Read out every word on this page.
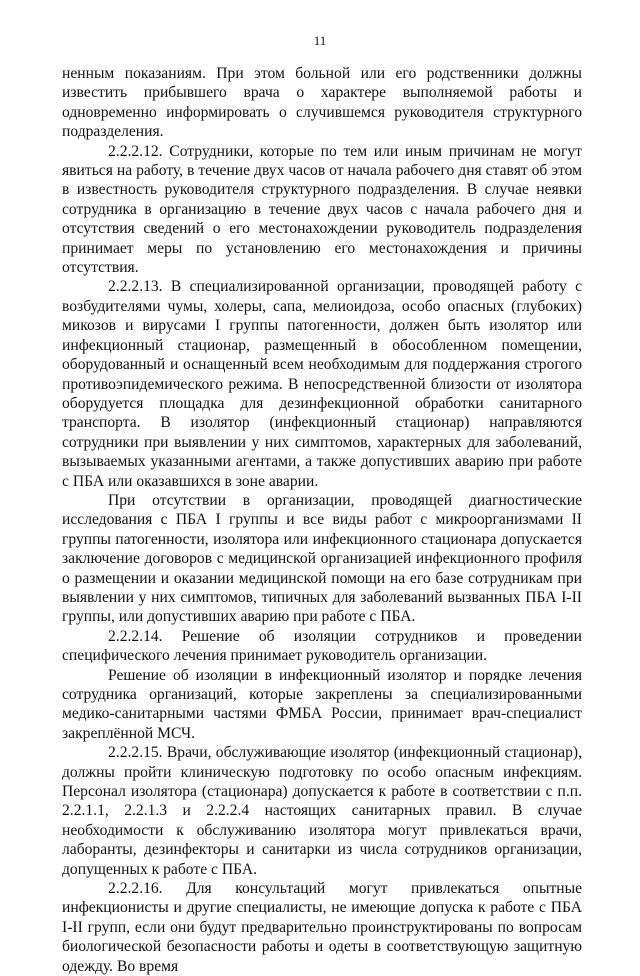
11

ненным показаниям. При этом больной или его родственники должны известить прибывшего врача о характере выполняемой работы и одновременно информировать о случившемся руководителя структурного подразделения.

2.2.2.12. Сотрудники, которые по тем или иным причинам не могут явиться на работу, в течение двух часов от начала рабочего дня ставят об этом в известность руководителя структурного подразделения. В случае неявки сотрудника в организацию в течение двух часов с начала рабочего дня и отсутствия сведений о его местонахождении руководитель подразделения принимает меры по установлению его местонахождения и причины отсутствия.

2.2.2.13. В специализированной организации, проводящей работу с возбудителями чумы, холеры, сапа, мелиоидоза, особо опасных (глубоких) микозов и вирусами I группы патогенности, должен быть изолятор или инфекционный стационар, размещенный в обособленном помещении, оборудованный и оснащенный всем необходимым для поддержания строгого противоэпидемического режима. В непосредственной близости от изолятора оборудуется площадка для дезинфекционной обработки санитарного транспорта. В изолятор (инфекционный стационар) направляются сотрудники при выявлении у них симптомов, характерных для заболеваний, вызываемых указанными агентами, а также допустивших аварию при работе с ПБА или оказавшихся в зоне аварии.

При отсутствии в организации, проводящей диагностические исследования с ПБА I группы и все виды работ с микроорганизмами II группы патогенности, изолятора или инфекционного стационара допускается заключение договоров с медицинской организацией инфекционного профиля о размещении и оказании медицинской помощи на его базе сотрудникам при выявлении у них симптомов, типичных для заболеваний вызванных ПБА I-II группы, или допустивших аварию при работе с ПБА.

2.2.2.14. Решение об изоляции сотрудников и проведении специфического лечения принимает руководитель организации.

Решение об изоляции в инфекционный изолятор и порядке лечения сотрудника организаций, которые закреплены за специализированными медико-санитарными частями ФМБА России, принимает врач-специалист закреплённой МСЧ.

2.2.2.15. Врачи, обслуживающие изолятор (инфекционный стационар), должны пройти клиническую подготовку по особо опасным инфекциям. Персонал изолятора (стационара) допускается к работе в соответствии с п.п. 2.2.1.1, 2.2.1.3 и 2.2.2.4 настоящих санитарных правил. В случае необходимости к обслуживанию изолятора могут привлекаться врачи, лаборанты, дезинфекторы и санитарки из числа сотрудников организации, допущенных к работе с ПБА.

2.2.2.16. Для консультаций могут привлекаться опытные инфекционисты и другие специалисты, не имеющие допуска к работе с ПБА I-II групп, если они будут предварительно проинструктированы по вопросам биологической безопасности работы и одеты в соответствующую защитную одежду. Во время
